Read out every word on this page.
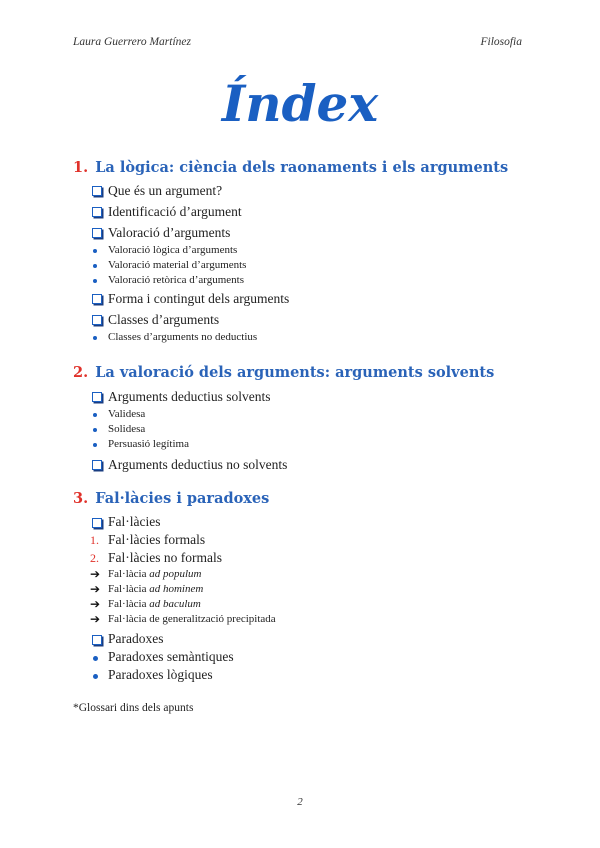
Laura Guerrero Martínez	Filosofia
Índex
1. La lògica: ciència dels raonaments i els arguments
Que és un argument?
Identificació d’argument
Valoració d’arguments
Valoració lògica d’arguments
Valoració material d’arguments
Valoració retòrica d’arguments
Forma i contingut dels arguments
Classes d’arguments
Classes d’arguments no deductius
2. La valoració dels arguments: arguments solvents
Arguments deductius solvents
Validesa
Solidesa
Persuasió legítima
Arguments deductius no solvents
3. Fal·làcies i paradoxes
Fal·làcies
1. Fal·làcies formals
2. Fal·làcies no formals
➔ Fal·làcia ad populum
➔ Fal·làcia ad hominem
➔ Fal·làcia ad baculum
➔ Fal·làcia de generalització precipitada
Paradoxes
Paradoxes semàntiques
Paradoxes lògiques
*Glossari dins dels apunts
2
